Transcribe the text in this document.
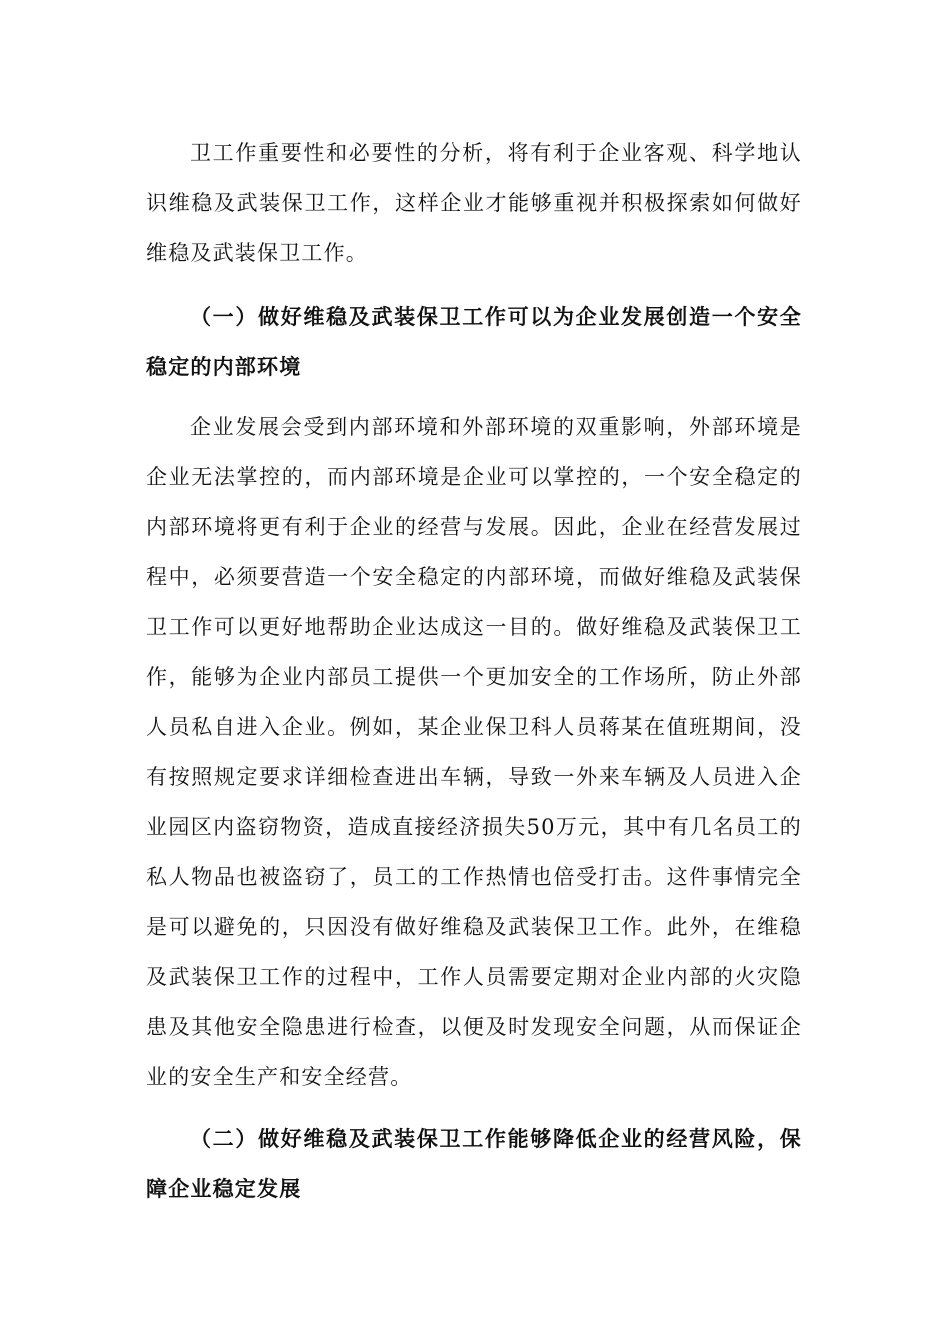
卫工作重要性和必要性的分析，将有利于企业客观、科学地认识维稳及武装保卫工作，这样企业才能够重视并积极探索如何做好维稳及武装保卫工作。

（一）做好维稳及武装保卫工作可以为企业发展创造一个安全稳定的内部环境

企业发展会受到内部环境和外部环境的双重影响，外部环境是企业无法掌控的，而内部环境是企业可以掌控的，一个安全稳定的内部环境将更有利于企业的经营与发展。因此，企业在经营发展过程中，必须要营造一个安全稳定的内部环境，而做好维稳及武装保卫工作可以更好地帮助企业达成这一目的。做好维稳及武装保卫工作，能够为企业内部员工提供一个更加安全的工作场所，防止外部人员私自进入企业。例如，某企业保卫科人员蒋某在值班期间，没有按照规定要求详细检查进出车辆，导致一外来车辆及人员进入企业园区内盗窃物资，造成直接经济损失50万元，其中有几名员工的私人物品也被盗窃了，员工的工作热情也倍受打击。这件事情完全是可以避免的，只因没有做好维稳及武装保卫工作。此外，在维稳及武装保卫工作的过程中，工作人员需要定期对企业内部的火灾隐患及其他安全隐患进行检查，以便及时发现安全问题，从而保证企业的安全生产和安全经营。

（二）做好维稳及武装保卫工作能够降低企业的经营风险，保障企业稳定发展
